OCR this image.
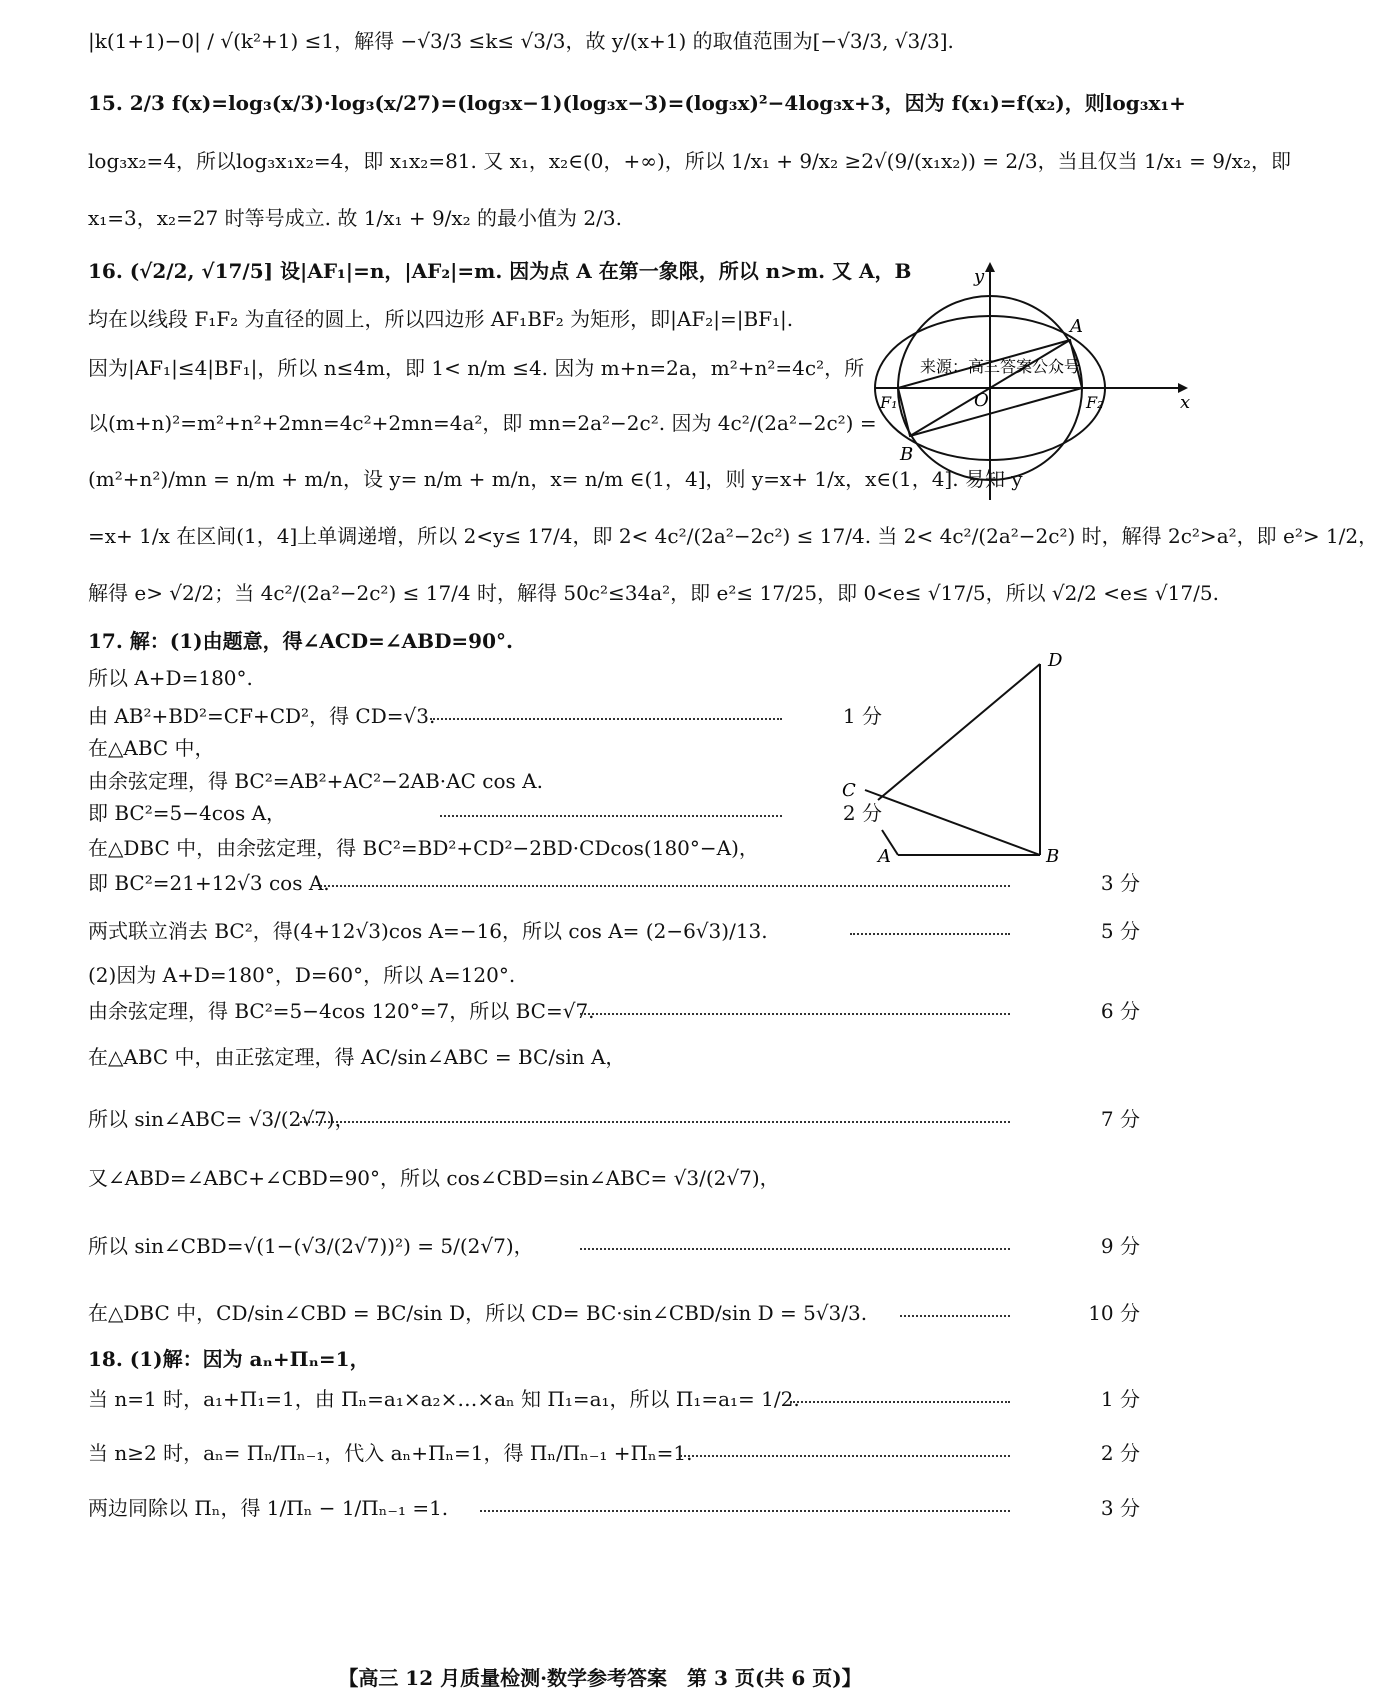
|k(1+1)−0| / √(k²+1) ≤1，解得 −√3/3 ≤k≤ √3/3，故 y/(x+1) 的取值范围为[−√3/3, √3/3].
15. 2/3 f(x)=log₃(x/3)·log₃(x/27)=(log₃x−1)(log₃x−3)=(log₃x)²−4log₃x+3，因为 f(x₁)=f(x₂)，则log₃x₁+
log₃x₂=4，所以log₃x₁x₂=4，即 x₁x₂=81. 又 x₁，x₂∈(0，+∞)，所以 1/x₁ + 9/x₂ ≥2√(9/(x₁x₂)) = 2/3，当且仅当 1/x₁ = 9/x₂，即
x₁=3，x₂=27 时等号成立. 故 1/x₁ + 9/x₂ 的最小值为 2/3.
16. (√2/2, √17/5] 设|AF₁|=n，|AF₂|=m. 因为点 A 在第一象限，所以 n>m. 又 A，B
均在以线段 F₁F₂ 为直径的圆上，所以四边形 AF₁BF₂ 为矩形，即|AF₂|=|BF₁|.
因为|AF₁|≤4|BF₁|，所以 n≤4m，即 1< n/m ≤4. 因为 m+n=2a，m²+n²=4c²，所
以(m+n)²=m²+n²+2mn=4c²+2mn=4a²，即 mn=2a²−2c². 因为 4c²/(2a²−2c²) =
(m²+n²)/mn = n/m + m/n，设 y= n/m + m/n，x= n/m ∈(1，4]，则 y=x+ 1/x，x∈(1，4]. 易知 y
=x+ 1/x 在区间(1，4]上单调递增，所以 2<y≤ 17/4，即 2< 4c²/(2a²−2c²) ≤ 17/4. 当 2< 4c²/(2a²−2c²) 时，解得 2c²>a²，即 e²> 1/2，
解得 e> √2/2；当 4c²/(2a²−2c²) ≤ 17/4 时，解得 50c²≤34a²，即 e²≤ 17/25，即 0<e≤ √17/5，所以 √2/2 <e≤ √17/5.
17. 解：(1)由题意，得∠ACD=∠ABD=90°.
所以 A+D=180°.
由 AB²+BD²=CF+CD²，得 CD=√3.
在△ABC 中，
由余弦定理，得 BC²=AB²+AC²−2AB·AC cos A.
即 BC²=5−4cos A，
在△DBC 中，由余弦定理，得 BC²=BD²+CD²−2BD·CDcos(180°−A)，
即 BC²=21+12√3 cos A.
两式联立消去 BC²，得(4+12√3)cos A=−16，所以 cos A= (2−6√3)/13.
(2)因为 A+D=180°，D=60°，所以 A=120°.
由余弦定理，得 BC²=5−4cos 120°=7，所以 BC=√7.
在△ABC 中，由正弦定理，得 AC/sin∠ABC = BC/sin A，
所以 sin∠ABC= √3/(2√7)，
又∠ABD=∠ABC+∠CBD=90°，所以 cos∠CBD=sin∠ABC= √3/(2√7)，
所以 sin∠CBD=√(1−(√3/(2√7))²) = 5/(2√7)，
在△DBC 中，CD/sin∠CBD = BC/sin D，所以 CD= BC·sin∠CBD/sin D = 5√3/3.
18. (1)解：因为 aₙ+Πₙ=1，
当 n=1 时，a₁+Π₁=1，由 Πₙ=a₁×a₂×…×aₙ 知 Π₁=a₁，所以 Π₁=a₁= 1/2.
当 n≥2 时，aₙ= Πₙ/Πₙ₋₁，代入 aₙ+Πₙ=1，得 Πₙ/Πₙ₋₁ +Πₙ=1.
两边同除以 Πₙ，得 1/Πₙ − 1/Πₙ₋₁ =1.
1 分
2 分
3 分
5 分
6 分
7 分
9 分
10 分
1 分
2 分
3 分
y
x
O
A
B
F₁	F₂
来源：高三答案公众号
D
C
A	B
【高三 12 月质量检测·数学参考答案　第 3 页(共 6 页)】
